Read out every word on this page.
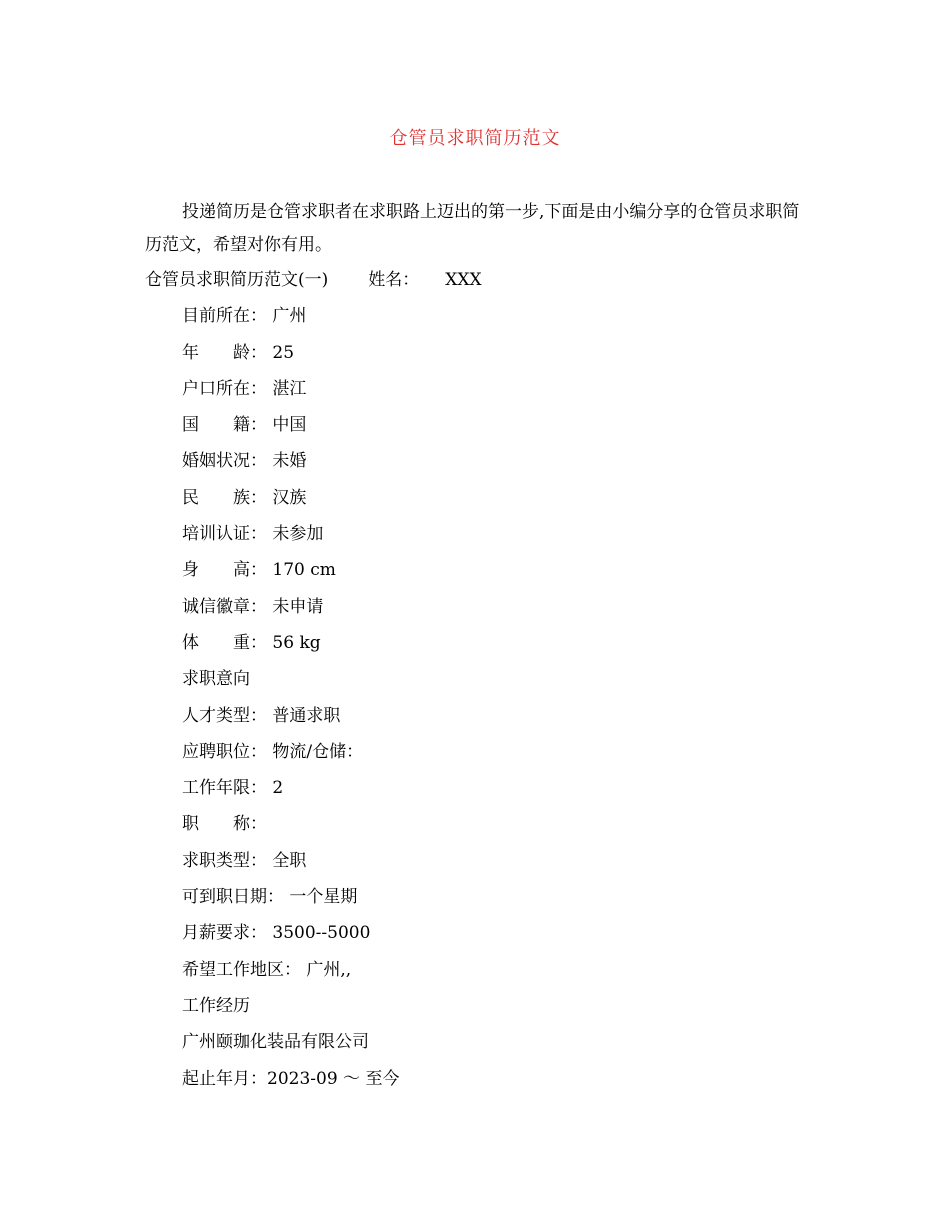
仓管员求职简历范文
投递简历是仓管求职者在求职路上迈出的第一步,下面是由小编分享的仓管员求职简历范文，希望对你有用。
仓管员求职简历范文(一) 姓名： XXX
目前所在： 广州
年　　龄： 25
户口所在： 湛江
国　　籍： 中国
婚姻状况： 未婚
民　　族： 汉族
培训认证： 未参加
身　　高： 170 cm
诚信徽章： 未申请
体　　重： 56 kg
求职意向
人才类型： 普通求职
应聘职位： 物流/仓储：
工作年限： 2
职　　称：
求职类型： 全职
可到职日期： 一个星期
月薪要求： 3500--5000
希望工作地区： 广州,,
工作经历
广州颐珈化装品有限公司
起止年月：2023-09 ～ 至今
